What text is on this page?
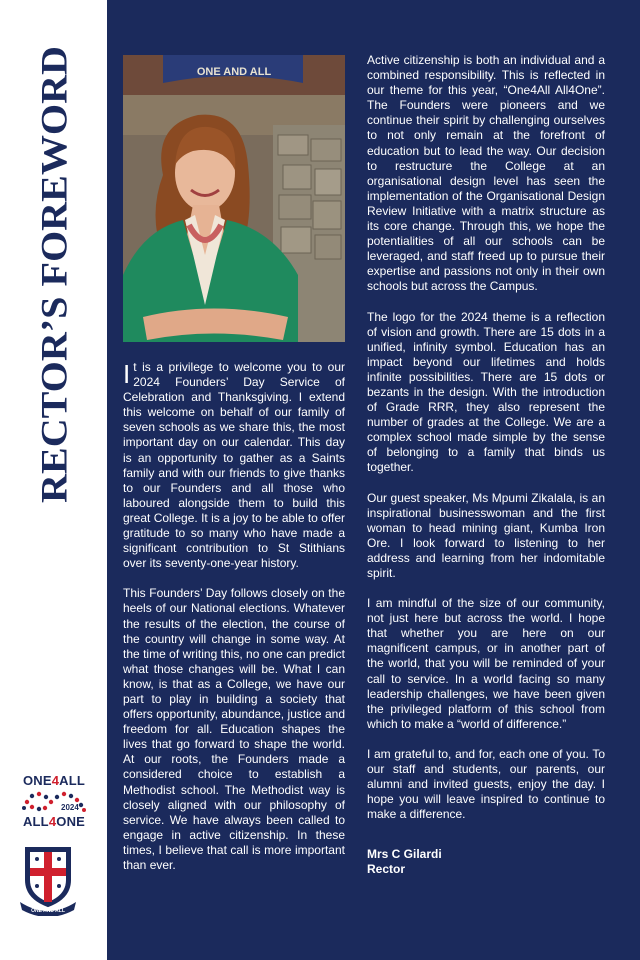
RECTOR’S FOREWORD
ONE4ALL
2024
ALL4ONE
ONE AND ALL
ONE AND ALL

It is a privilege to welcome you to our 2024 Founders’ Day Service of Celebration and Thanksgiving. I extend this welcome on behalf of our family of seven schools as we share this, the most important day on our calendar. This day is an opportunity to gather as a Saints family and with our friends to give thanks to our Founders and all those who laboured alongside them to build this great College. It is a joy to be able to offer gratitude to so many who have made a significant contribution to St Stithians over its seventy-one-year history.

This Founders’ Day follows closely on the heels of our National elections. Whatever the results of the election, the course of the country will change in some way. At the time of writing this, no one can predict what those changes will be. What I can know, is that as a College, we have our part to play in building a society that offers opportunity, abundance, justice and freedom for all. Education shapes the lives that go forward to shape the world. At our roots, the Founders made a considered choice to establish a Methodist school. The Methodist way is closely aligned with our philosophy of service. We have always been called to engage in active citizenship. In these times, I believe that call is more important than ever.

Active citizenship is both an individual and a combined responsibility. This is reflected in our theme for this year, “One4All All4One”. The Founders were pioneers and we continue their spirit by challenging ourselves to not only remain at the forefront of education but to lead the way. Our decision to restructure the College at an organisational design level has seen the implementation of the Organisational Design Review Initiative with a matrix structure as its core change. Through this, we hope the potentialities of all our schools can be leveraged, and staff freed up to pursue their expertise and passions not only in their own schools but across the Campus.

The logo for the 2024 theme is a reflection of vision and growth. There are 15 dots in a unified, infinity symbol. Education has an impact beyond our lifetimes and holds infinite possibilities. There are 15 dots or bezants in the design. With the introduction of Grade RRR, they also represent the number of grades at the College. We are a complex school made simple by the sense of belonging to a family that binds us together.

Our guest speaker, Ms Mpumi Zikalala, is an inspirational businesswoman and the first woman to head mining giant, Kumba Iron Ore. I look forward to listening to her address and learning from her indomitable spirit.

I am mindful of the size of our community, not just here but across the world. I hope that whether you are here on our magnificent campus, or in another part of the world, that you will be reminded of your call to service. In a world facing so many leadership challenges, we have been given the privileged platform of this school from which to make a “world of difference.”

I am grateful to, and for, each one of you. To our staff and students, our parents, our alumni and invited guests, enjoy the day. I hope you will leave inspired to continue to make a difference.

Mrs C Gilardi
Rector
